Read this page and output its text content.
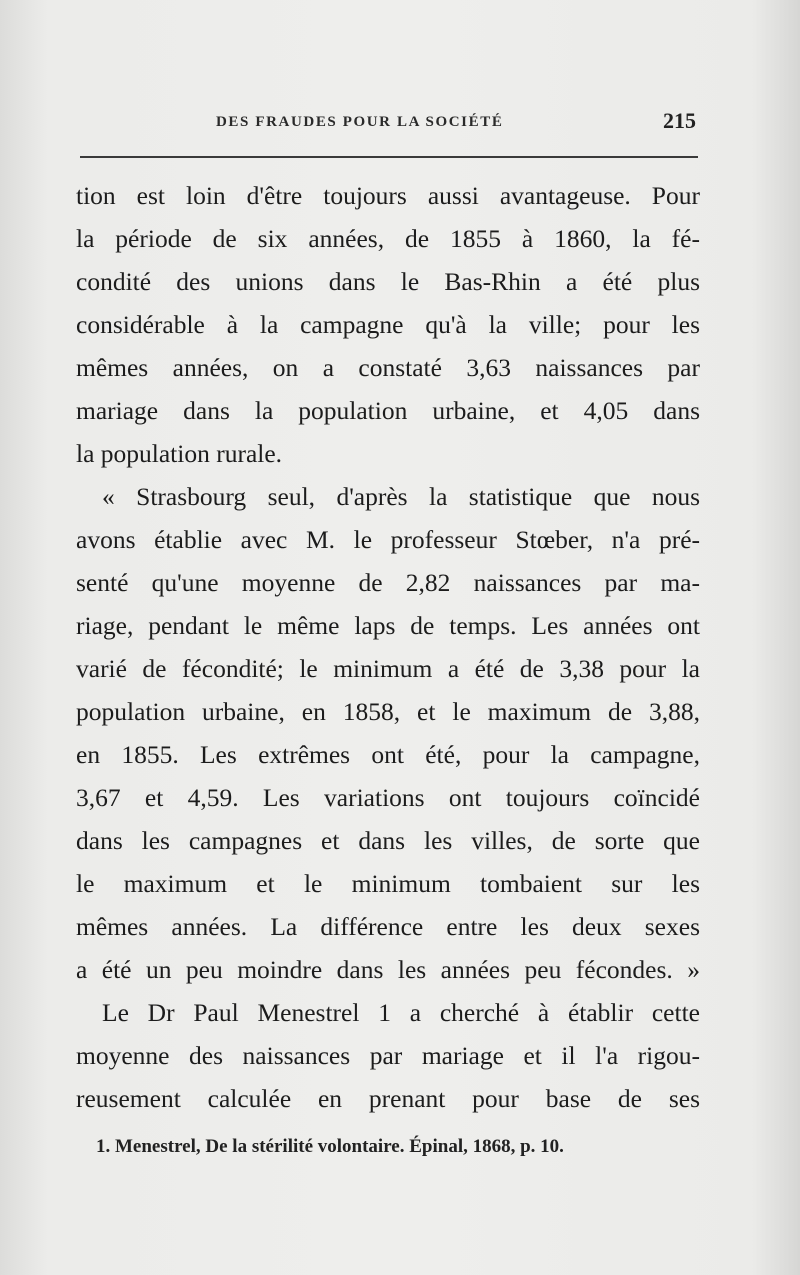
DES FRAUDES POUR LA SOCIÉTÉ	215
tion est loin d'être toujours aussi avantageuse. Pour
la période de six années, de 1855 à 1860, la fé-
condité des unions dans le Bas-Rhin a été plus
considérable à la campagne qu'à la ville; pour les
mêmes années, on a constaté 3,63 naissances par
mariage dans la population urbaine, et 4,05 dans
la population rurale.
« Strasbourg seul, d'après la statistique que nous
avons établie avec M. le professeur Stœber, n'a pré-
senté qu'une moyenne de 2,82 naissances par ma-
riage, pendant le même laps de temps. Les années ont
varié de fécondité; le minimum a été de 3,38 pour la
population urbaine, en 1858, et le maximum de 3,88,
en 1855. Les extrêmes ont été, pour la campagne,
3,67 et 4,59. Les variations ont toujours coïncidé
dans les campagnes et dans les villes, de sorte que
le maximum et le minimum tombaient sur les
mêmes années. La différence entre les deux sexes
a été un peu moindre dans les années peu fécondes. »
Le Dr Paul Menestrel 1 a cherché à établir cette
moyenne des naissances par mariage et il l'a rigou-
reusement calculée en prenant pour base de ses
1. Menestrel, De la stérilité volontaire. Épinal, 1868, p. 10.
